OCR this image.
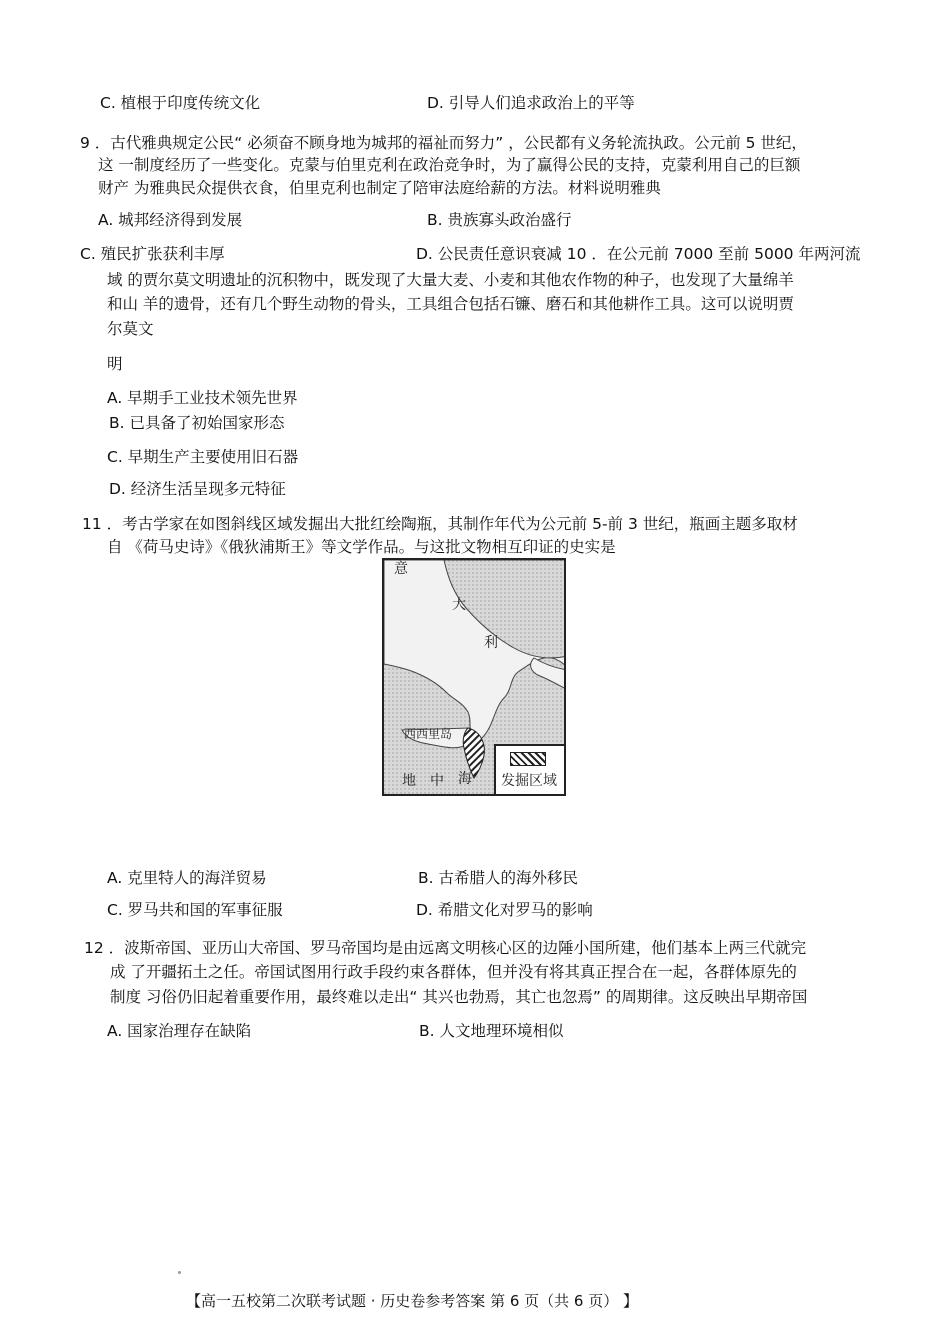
C. 植根于印度传统文化	D. 引导人们追求政治上的平等
9 ．古代雅典规定公民“ 必须奋不顾身地为城邦的福祉而努力” ，公民都有义务轮流执政。公元前 5 世纪，
这 一制度经历了一些变化。克蒙与伯里克利在政治竞争时，为了赢得公民的支持，克蒙利用自己的巨额
财产 为雅典民众提供衣食，伯里克利也制定了陪审法庭给薪的方法。材料说明雅典
A. 城邦经济得到发展	B. 贵族寡头政治盛行
C. 殖民扩张获利丰厚	D. 公民责任意识衰减 10 ．在公元前 7000 至前 5000 年两河流
域 的贾尔莫文明遗址的沉积物中，既发现了大量大麦、小麦和其他农作物的种子，也发现了大量绵羊
和山 羊的遗骨，还有几个野生动物的骨头，工具组合包括石镰、磨石和其他耕作工具。这可以说明贾
尔莫文
明
A. 早期手工业技术领先世界
B. 已具备了初始国家形态
C. 早期生产主要使用旧石器
D. 经济生活呈现多元特征
11 ．考古学家在如图斜线区域发掘出大批红绘陶瓶，其制作年代为公元前 5-前 3 世纪，瓶画主题多取材
自 《荷马史诗》《俄狄浦斯王》等文学作品。与这批文物相互印证的史实是
意
大
利
西西里岛
地 中 海 发掘区域
A. 克里特人的海洋贸易	B. 古希腊人的海外移民
C. 罗马共和国的军事征服	D. 希腊文化对罗马的影响
12 ．波斯帝国、亚历山大帝国、罗马帝国均是由远离文明核心区的边陲小国所建，他们基本上两三代就完
成 了开疆拓土之任。帝国试图用行政手段约束各群体，但并没有将其真正捏合在一起，各群体原先的
制度 习俗仍旧起着重要作用，最终难以走出“ 其兴也勃焉，其亡也忽焉” 的周期律。这反映出早期帝国
A. 国家治理存在缺陷	B. 人文地理环境相似
【高一五校第二次联考试题 · 历史卷参考答案 第 6 页（共 6 页） 】
